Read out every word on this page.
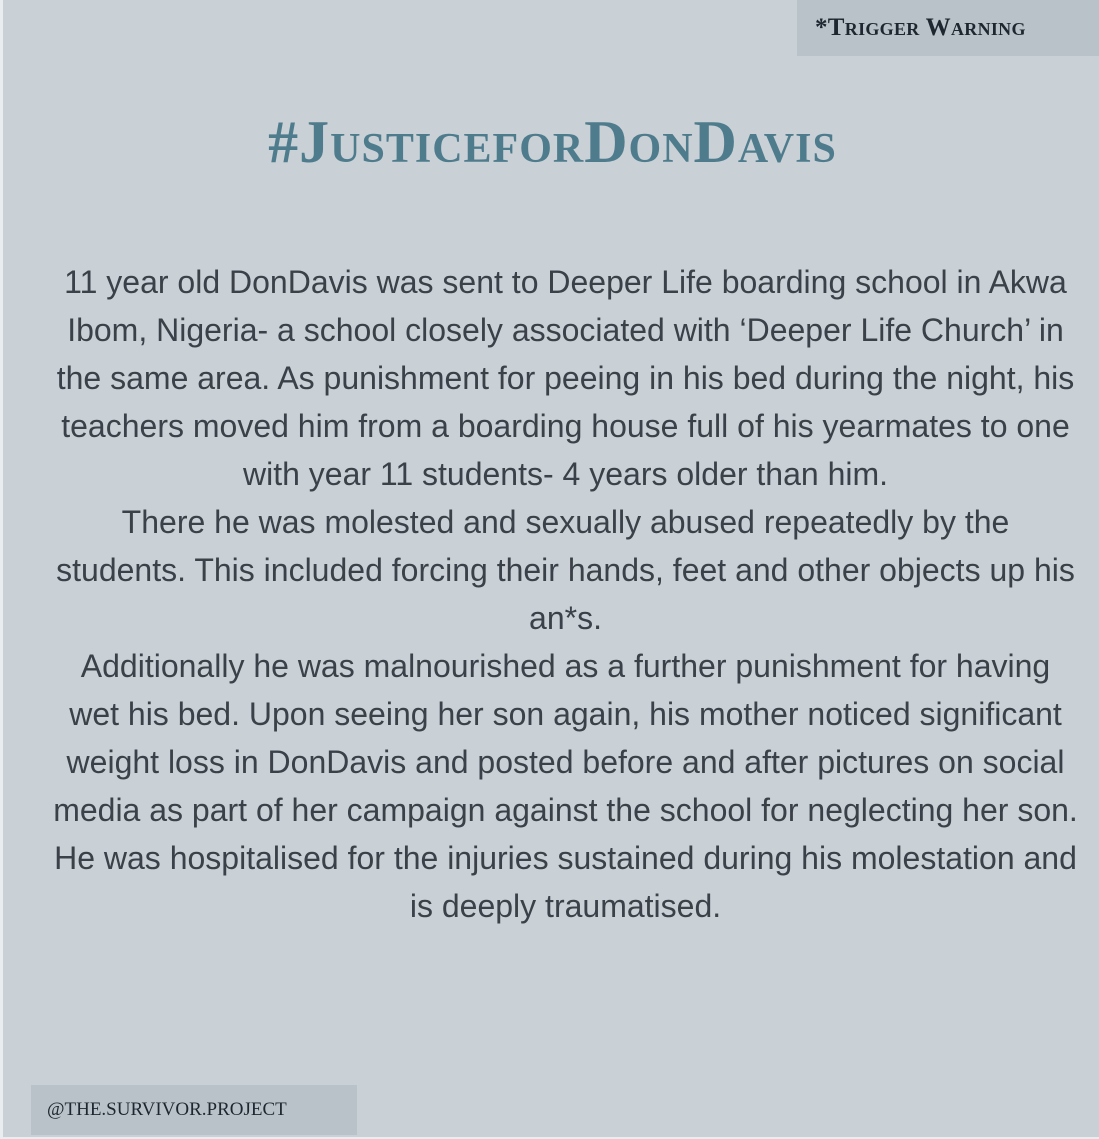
*Trigger Warning
#JusticeforDonDavis

11 year old DonDavis was sent to Deeper Life boarding school in Akwa Ibom, Nigeria- a school closely associated with ‘Deeper Life Church’ in the same area. As punishment for peeing in his bed during the night, his teachers moved him from a boarding house full of his yearmates to one with year 11 students- 4 years older than him.

There he was molested and sexually abused repeatedly by the students. This included forcing their hands, feet and other objects up his an*s.

Additionally he was malnourished as a further punishment for having wet his bed. Upon seeing her son again, his mother noticed significant weight loss in DonDavis and posted before and after pictures on social media as part of her campaign against the school for neglecting her son. He was hospitalised for the injuries sustained during his molestation and is deeply traumatised.

@THE.SURVIVOR.PROJECT
